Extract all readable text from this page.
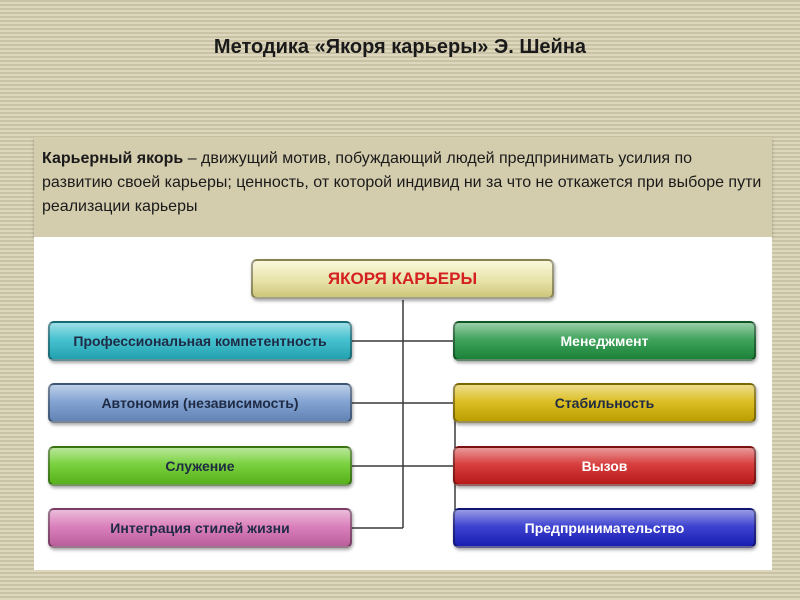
Методика «Якоря карьеры» Э. Шейна
Карьерный якорь – движущий мотив, побуждающий людей предпринимать усилия по развитию своей карьеры; ценность, от которой индивид ни за что не откажется при выборе пути реализации карьеры
ЯКОРЯ КАРЬЕРЫ
Профессиональная компетентность
Автономия (независимость)
Служение
Интеграция стилей жизни
Менеджмент
Стабильность
Вызов
Предпринимательство
